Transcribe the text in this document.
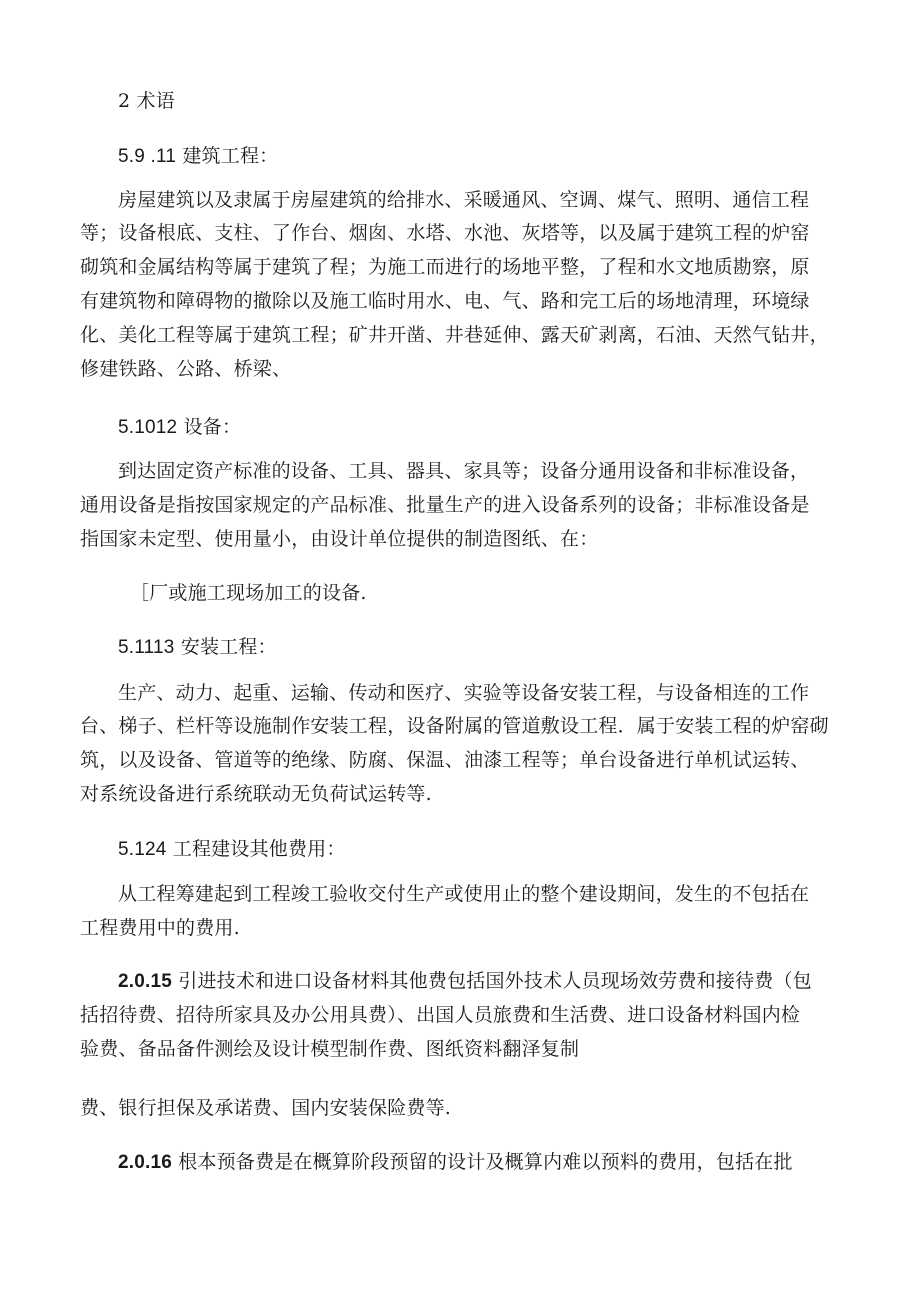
2 术语
5.9 .11 建筑工程：
房屋建筑以及隶属于房屋建筑的给排水、采暖通风、空调、煤气、照明、通信工程
等；设备根底、支柱、了作台、烟囱、水塔、水池、灰塔等，以及属于建筑工程的炉窑
砌筑和金属结构等属于建筑了程；为施工而进行的场地平整，了程和水文地质勘察，原
有建筑物和障碍物的撤除以及施工临时用水、电、气、路和完工后的场地清理，环境绿
化、美化工程等属于建筑工程；矿井开凿、井巷延伸、露天矿剥离，石油、天然气钻井，
修建铁路、公路、桥梁、
5.1012 设备：
到达固定资产标准的设备、工具、器具、家具等；设备分通用设备和非标准设备，
通用设备是指按国家规定的产品标准、批量生产的进入设备系列的设备；非标准设备是
指国家未定型、使用量小，由设计单位提供的制造图纸、在：
［厂或施工现场加工的设备.
5.1113 安装工程：
生产、动力、起重、运输、传动和医疗、实验等设备安装工程，与设备相连的工作
台、梯子、栏杆等设施制作安装工程，设备附属的管道敷设工程．属于安装工程的炉窑砌
筑，以及设备、管道等的绝缘、防腐、保温、油漆工程等；单台设备进行单机试运转、
对系统设备进行系统联动无负荷试运转等.
5.124 工程建设其他费用：
从工程筹建起到工程竣工验收交付生产或使用止的整个建设期间，发生的不包括在
工程费用中的费用.
2.0.15 引进技术和进口设备材料其他费包括国外技术人员现场效劳费和接待费（包
括招待费、招待所家具及办公用具费）、出国人员旅费和生活费、进口设备材料国内检
验费、备品备件测绘及设计模型制作费、图纸资料翻泽复制
费、银行担保及承诺费、国内安装保险费等.
2.0.16 根本预备费是在概算阶段预留的设计及概算内难以预料的费用，包括在批
